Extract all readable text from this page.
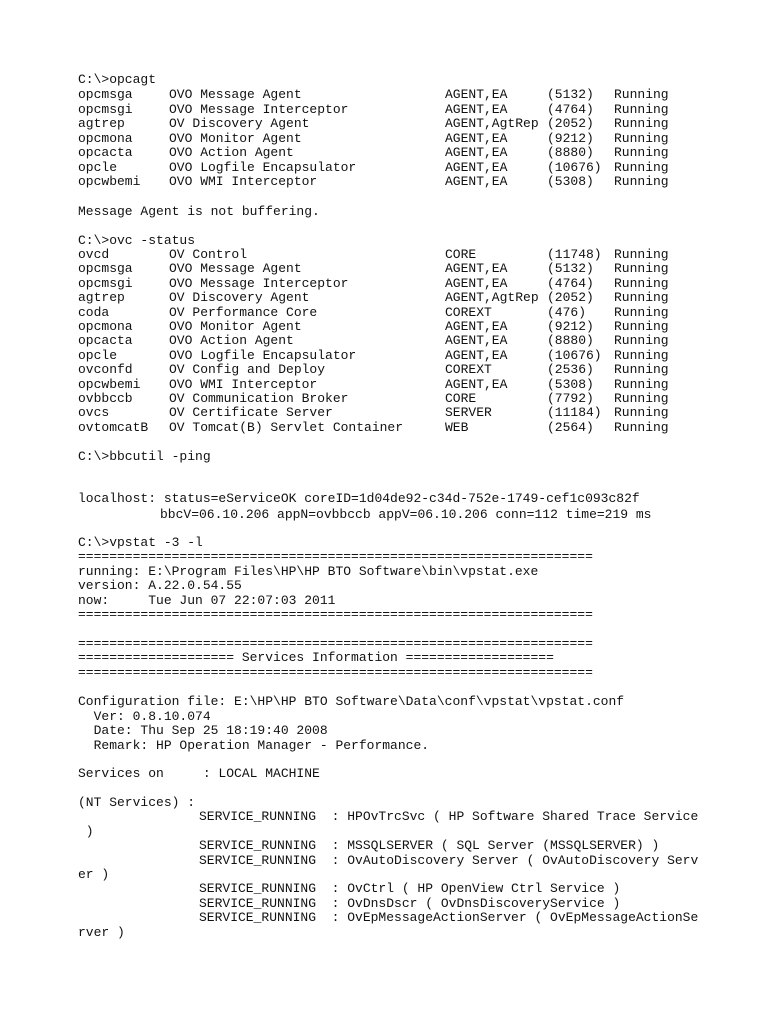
C:\>opcagt
opcmsga	OVO Message Agent	AGENT,EA	(5132) Running
opcmsgi	OVO Message Interceptor	AGENT,EA	(4764) Running
agtrep	OV Discovery Agent	AGENT,AgtRep (2052) Running
opcmona	OVO Monitor Agent	AGENT,EA	(9212) Running
opcacta	OVO Action Agent	AGENT,EA	(8880) Running
opcle	OVO Logfile Encapsulator	AGENT,EA	(10676) Running
opcwbemi OVO WMI Interceptor	AGENT,EA	(5308) Running
Message Agent is not buffering.
C:\>ovc -status
ovcd	OV Control	CORE	(11748) Running
opcmsga	OVO Message Agent	AGENT,EA	(5132) Running
opcmsgi	OVO Message Interceptor	AGENT,EA	(4764) Running
agtrep	OV Discovery Agent	AGENT,AgtRep (2052) Running
coda	OV Performance Core	COREXT	(476) Running
opcmona	OVO Monitor Agent	AGENT,EA	(9212) Running
opcacta	OVO Action Agent	AGENT,EA	(8880) Running
opcle	OVO Logfile Encapsulator	AGENT,EA	(10676) Running
ovconfd	OV Config and Deploy	COREXT	(2536) Running
opcwbemi OVO WMI Interceptor	AGENT,EA	(5308) Running
ovbbccb	OV Communication Broker	CORE	(7792) Running
ovcs	OV Certificate Server	SERVER	(11184) Running
ovtomcatB OV Tomcat(B) Servlet Container	WEB	(2564) Running
C:\>bbcutil -ping
localhost: status=eServiceOK coreID=1d04de92-c34d-752e-1749-cef1c093c82f
bbcV=06.10.206 appN=ovbbccb appV=06.10.206 conn=112 time=219 ms
C:\>vpstat -3 -l
==================================================================
running: E:\Program Files\HP\HP BTO Software\bin\vpstat.exe
version: A.22.0.54.55
now:     Tue Jun 07 22:07:03 2011
==================================================================
==================================================================
==================== Services Information ===================
==================================================================
Configuration file: E:\HP\HP BTO Software\Data\conf\vpstat\vpstat.conf
Ver: 0.8.10.074
Date: Thu Sep 25 18:19:40 2008
Remark: HP Operation Manager - Performance.
Services on     : LOCAL MACHINE
(NT Services) :
SERVICE_RUNNING  : HPOvTrcSvc ( HP Software Shared Trace Service
)
SERVICE_RUNNING  : MSSQLSERVER ( SQL Server (MSSQLSERVER) )
SERVICE_RUNNING  : OvAutoDiscovery Server ( OvAutoDiscovery Serv
er )
SERVICE_RUNNING  : OvCtrl ( HP OpenView Ctrl Service )
SERVICE_RUNNING  : OvDnsDscr ( OvDnsDiscoveryService )
SERVICE_RUNNING  : OvEpMessageActionServer ( OvEpMessageActionSe
rver )
